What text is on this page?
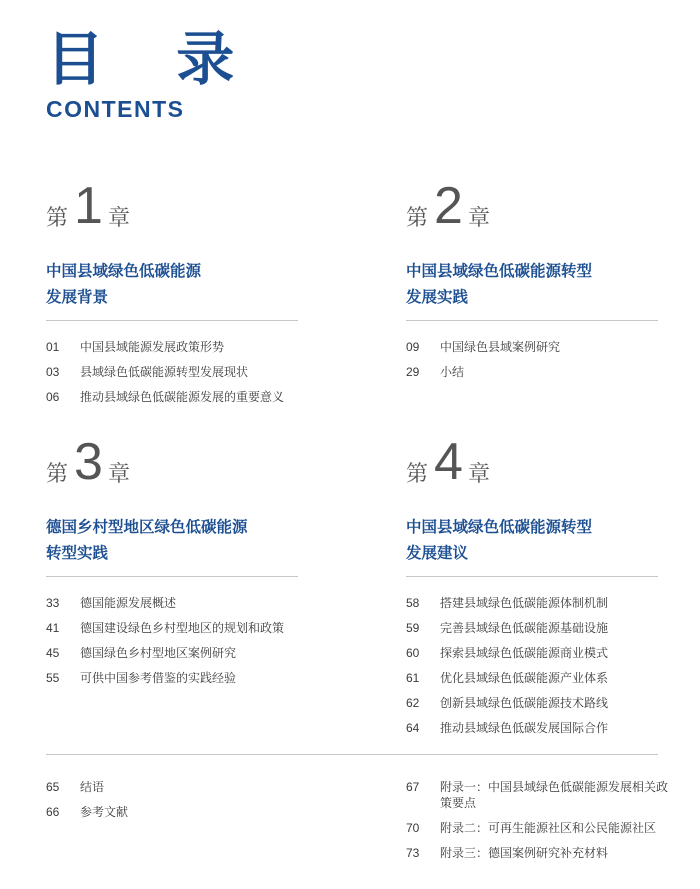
目 录
CONTENTS
第 1 章
中国县域绿色低碳能源
发展背景
01	中国县域能源发展政策形势
03	县域绿色低碳能源转型发展现状
06	推动县域绿色低碳能源发展的重要意义
第 2 章
中国县域绿色低碳能源转型
发展实践
09	中国绿色县域案例研究
29	小结
第 3 章
德国乡村型地区绿色低碳能源
转型实践
33	德国能源发展概述
41	德国建设绿色乡村型地区的规划和政策
45	德国绿色乡村型地区案例研究
55	可供中国参考借鉴的实践经验
第 4 章
中国县域绿色低碳能源转型
发展建议
58	搭建县域绿色低碳能源体制机制
59	完善县域绿色低碳能源基础设施
60	探索县域绿色低碳能源商业模式
61	优化县域绿色低碳能源产业体系
62	创新县域绿色低碳能源技术路线
64	推动县域绿色低碳发展国际合作
65	结语
66	参考文献
67	附录一：中国县域绿色低碳能源发展相关政策要点
70	附录二：可再生能源社区和公民能源社区
73	附录三：德国案例研究补充材料
